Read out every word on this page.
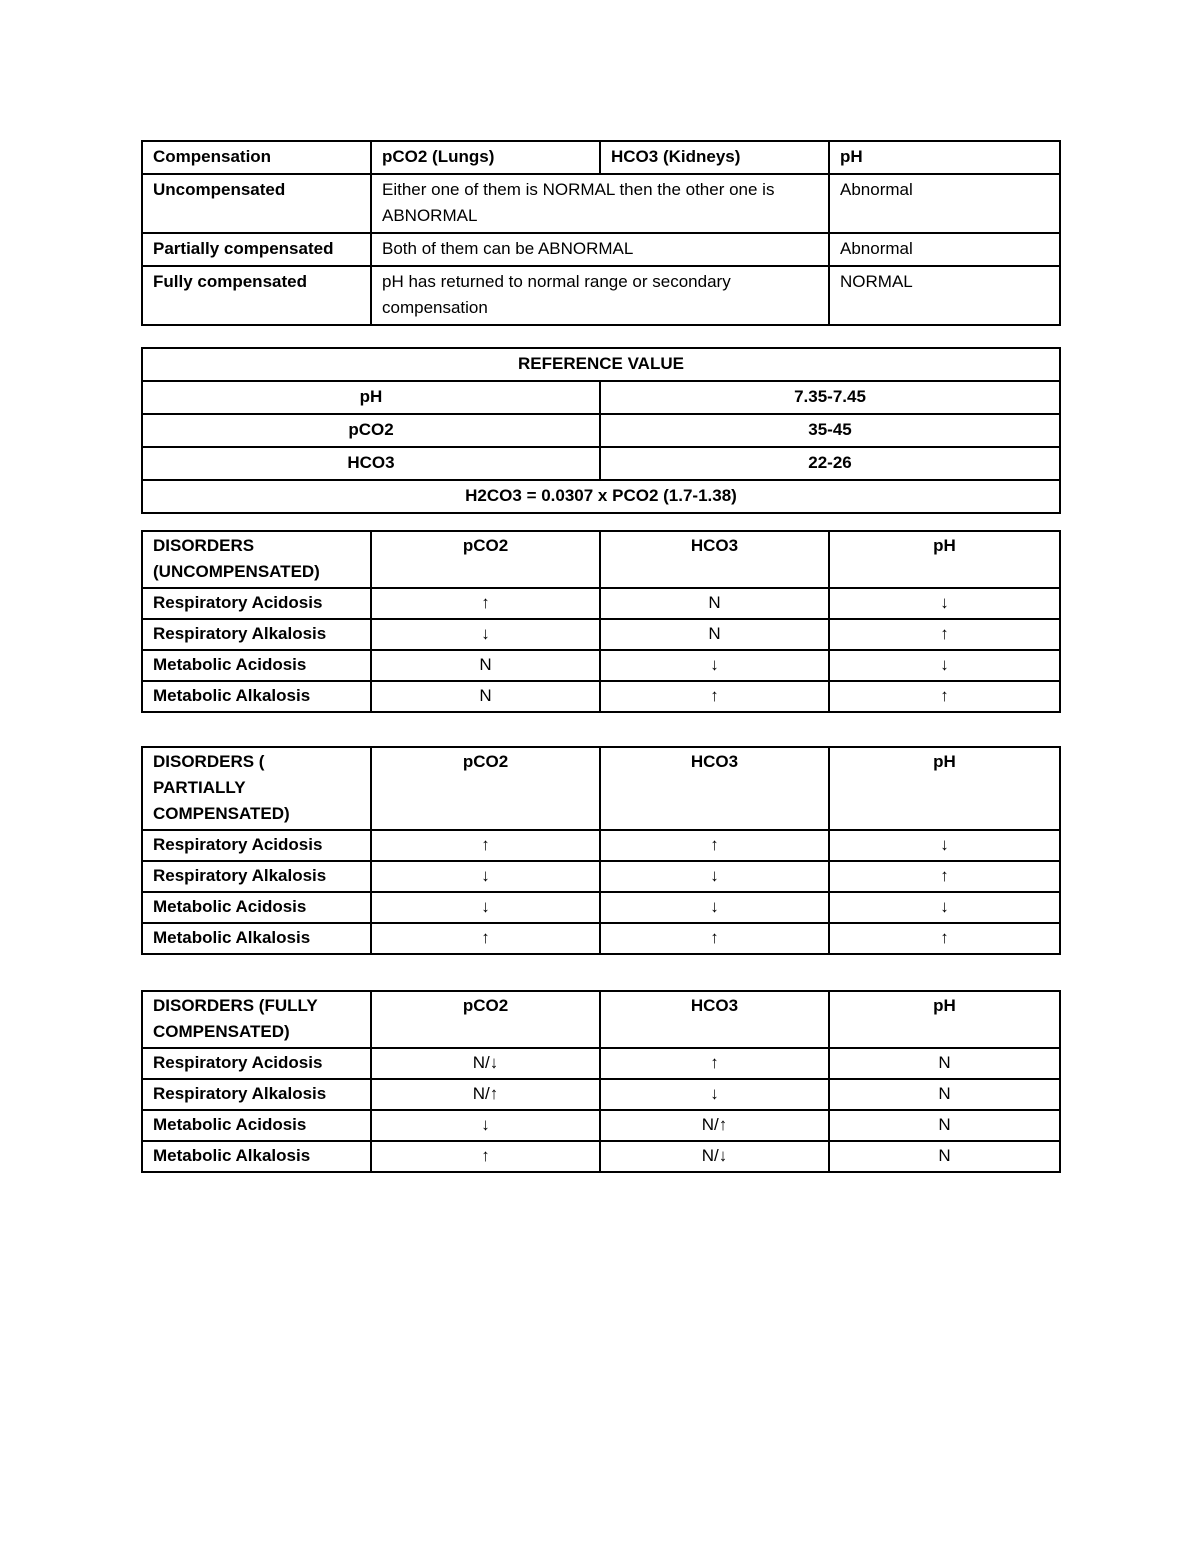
Compensation	pCO2 (Lungs)	HCO3 (Kidneys)	pH
Uncompensated	Either one of them is NORMAL then the other one is ABNORMAL		Abnormal
Partially compensated	Both of them can be ABNORMAL		Abnormal
Fully compensated	pH has returned to normal range or secondary compensation		NORMAL
REFERENCE VALUE	
pH	7.35-7.45
pCO2	35-45
HCO3	22-26
H2CO3 = 0.0307 x PCO2 (1.7-1.38)	
DISORDERS (UNCOMPENSATED)	pCO2	HCO3	pH
Respiratory Acidosis	↑	N	↓
Respiratory Alkalosis	↓	N	↑
Metabolic Acidosis	N	↓	↓
Metabolic Alkalosis	N	↑	↑
DISORDERS ( PARTIALLY COMPENSATED)	pCO2	HCO3	pH
Respiratory Acidosis	↑	↑	↓
Respiratory Alkalosis	↓	↓	↑
Metabolic Acidosis	↓	↓	↓
Metabolic Alkalosis	↑	↑	↑
DISORDERS (FULLY COMPENSATED)	pCO2	HCO3	pH
Respiratory Acidosis	N/↓	↑	N
Respiratory Alkalosis	N/↑	↓	N
Metabolic Acidosis	↓	N/↑	N
Metabolic Alkalosis	↑	N/↓	N
